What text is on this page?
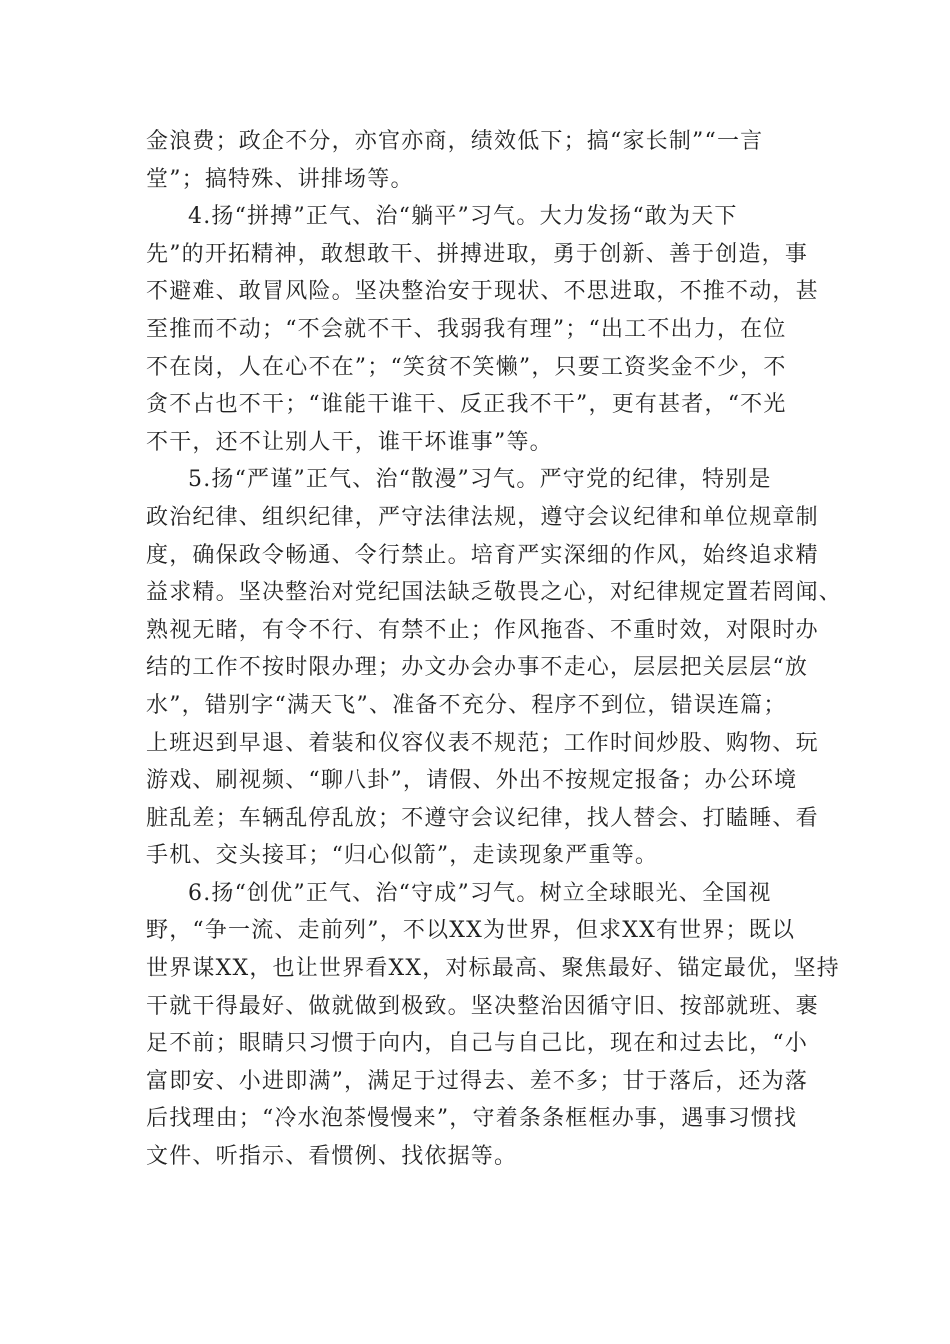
金浪费；政企不分，亦官亦商，绩效低下；搞“家长制”“一言
堂”；搞特殊、讲排场等。
4.扬“拼搏”正气、治“躺平”习气。大力发扬“敢为天下
先”的开拓精神，敢想敢干、拼搏进取，勇于创新、善于创造，事
不避难、敢冒风险。坚决整治安于现状、不思进取，不推不动，甚
至推而不动；“不会就不干、我弱我有理”；“出工不出力，在位
不在岗，人在心不在”；“笑贫不笑懒”，只要工资奖金不少，不
贪不占也不干；“谁能干谁干、反正我不干”，更有甚者，“不光
不干，还不让别人干，谁干坏谁事”等。
5.扬“严谨”正气、治“散漫”习气。严守党的纪律，特别是
政治纪律、组织纪律，严守法律法规，遵守会议纪律和单位规章制
度，确保政令畅通、令行禁止。培育严实深细的作风，始终追求精
益求精。坚决整治对党纪国法缺乏敬畏之心，对纪律规定置若罔闻、
熟视无睹，有令不行、有禁不止；作风拖沓、不重时效，对限时办
结的工作不按时限办理；办文办会办事不走心，层层把关层层“放
水”，错别字“满天飞”、准备不充分、程序不到位，错误连篇；
上班迟到早退、着装和仪容仪表不规范；工作时间炒股、购物、玩
游戏、刷视频、“聊八卦”，请假、外出不按规定报备；办公环境
脏乱差；车辆乱停乱放；不遵守会议纪律，找人替会、打瞌睡、看
手机、交头接耳；“归心似箭”，走读现象严重等。
6.扬“创优”正气、治“守成”习气。树立全球眼光、全国视
野，“争一流、走前列”，不以XX为世界，但求XX有世界；既以
世界谋XX，也让世界看XX，对标最高、聚焦最好、锚定最优，坚持
干就干得最好、做就做到极致。坚决整治因循守旧、按部就班、裹
足不前；眼睛只习惯于向内，自己与自己比，现在和过去比，“小
富即安、小进即满”，满足于过得去、差不多；甘于落后，还为落
后找理由；“冷水泡茶慢慢来”，守着条条框框办事，遇事习惯找
文件、听指示、看惯例、找依据等。
